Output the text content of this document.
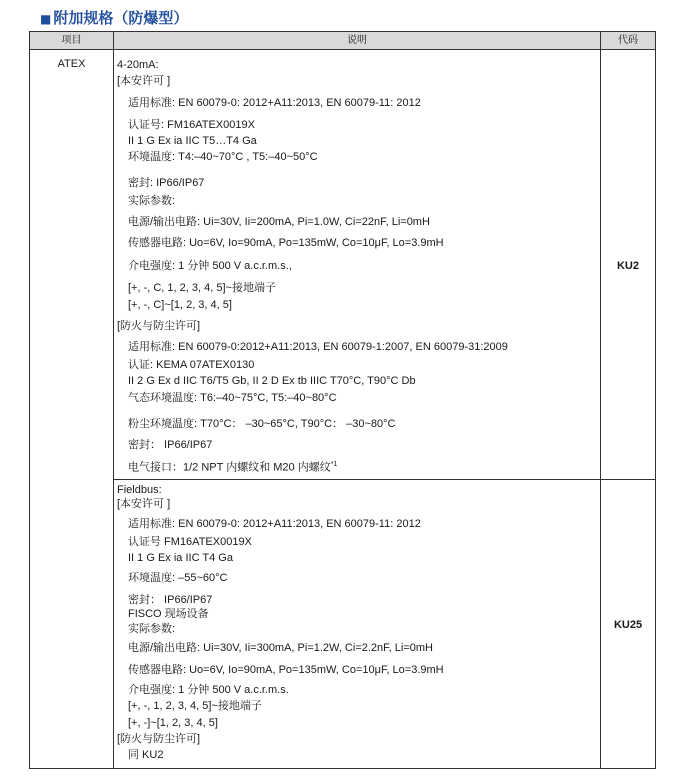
■ 附加规格（防爆型）
项目	说明	代码
ATEX
KU2
KU25
4-20mA:
[本安许可 ]
适用标准: EN 60079-0: 2012+A11:2013, EN 60079-11: 2012
认证号: FM16ATEX0019X
II 1 G Ex ia IIC T5…T4 Ga
环境温度: T4:–40~70°C , T5:–40~50°C
密封: IP66/IP67
实际参数:
电源/输出电路: Ui=30V, Ii=200mA, Pi=1.0W, Ci=22nF, Li=0mH
传感器电路: Uo=6V, Io=90mA, Po=135mW, Co=10μF, Lo=3.9mH
介电强度: 1 分钟 500 V a.c.r.m.s.,
[+, -, C, 1, 2, 3, 4, 5]~接地端子
[+, -, C]~[1, 2, 3, 4, 5]
[防火与防尘许可]
适用标准: EN 60079-0:2012+A11:2013, EN 60079-1:2007, EN 60079-31:2009
认证: KEMA 07ATEX0130
II 2 G Ex d IIC T6/T5 Gb, II 2 D Ex tb IIIC T70°C, T90°C Db
气态环境温度: T6:–40~75°C, T5:–40~80°C
粉尘环境温度: T70°C： –30~65°C, T90°C： –30~80°C
密封： IP66/IP67
电气接口：1/2 NPT 内螺纹和 M20 内螺纹$^{*1}$
Fieldbus:
[本安许可 ]
适用标准: EN 60079-0: 2012+A11:2013, EN 60079-11: 2012
认证号 FM16ATEX0019X
II 1 G Ex ia IIC T4 Ga
环境温度: –55~60°C
密封： IP66/IP67
FISCO 现场设备
实际参数:
电源/输出电路: Ui=30V, Ii=300mA, Pi=1.2W, Ci=2.2nF, Li=0mH
传感器电路: Uo=6V, Io=90mA, Po=135mW, Co=10μF, Lo=3.9mH
介电强度: 1 分钟 500 V a.c.r.m.s.
[+, -, 1, 2, 3, 4, 5]~接地端子
[+, -]~[1, 2, 3, 4, 5]
[防火与防尘许可]
同 KU2
